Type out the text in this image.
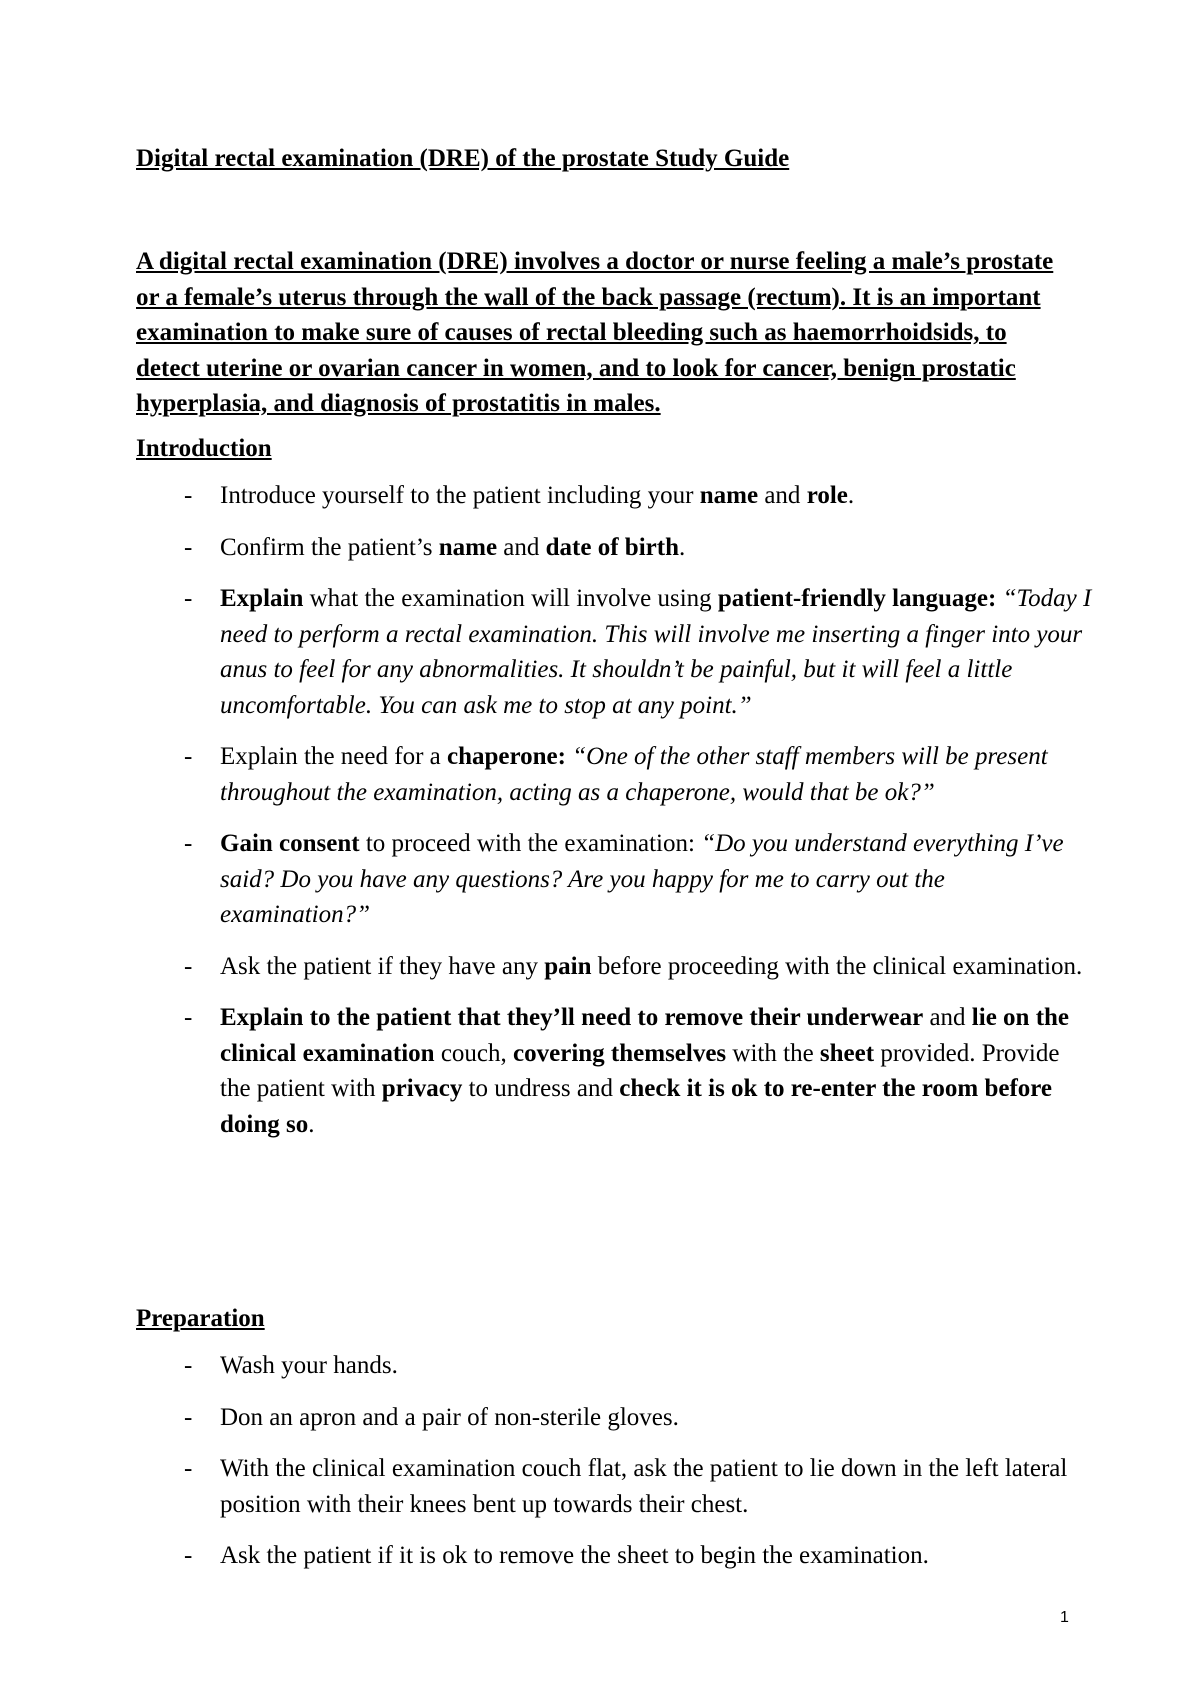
Digital rectal examination (DRE) of the prostate Study Guide
A digital rectal examination (DRE) involves a doctor or nurse feeling a male’s prostate or a female’s uterus through the wall of the back passage (rectum). It is an important examination to make sure of causes of rectal bleeding such as haemorrhoidsids, to detect uterine or ovarian cancer in women, and to look for cancer, benign prostatic hyperplasia, and diagnosis of prostatitis in males.
Introduction
-	Introduce yourself to the patient including your name and role.
-	Confirm the patient’s name and date of birth.
-	Explain what the examination will involve using patient-friendly language: “Today I need to perform a rectal examination. This will involve me inserting a finger into your anus to feel for any abnormalities. It shouldn’t be painful, but it will feel a little uncomfortable. You can ask me to stop at any point.”
-	Explain the need for a chaperone: “One of the other staff members will be present throughout the examination, acting as a chaperone, would that be ok?”
-	Gain consent to proceed with the examination: “Do you understand everything I’ve said? Do you have any questions? Are you happy for me to carry out the examination?”
-	Ask the patient if they have any pain before proceeding with the clinical examination.
-	Explain to the patient that they’ll need to remove their underwear and lie on the clinical examination couch, covering themselves with the sheet provided. Provide the patient with privacy to undress and check it is ok to re-enter the room before doing so.
Preparation
-	Wash your hands.
-	Don an apron and a pair of non-sterile gloves.
-	With the clinical examination couch flat, ask the patient to lie down in the left lateral position with their knees bent up towards their chest.
-	Ask the patient if it is ok to remove the sheet to begin the examination.
1
